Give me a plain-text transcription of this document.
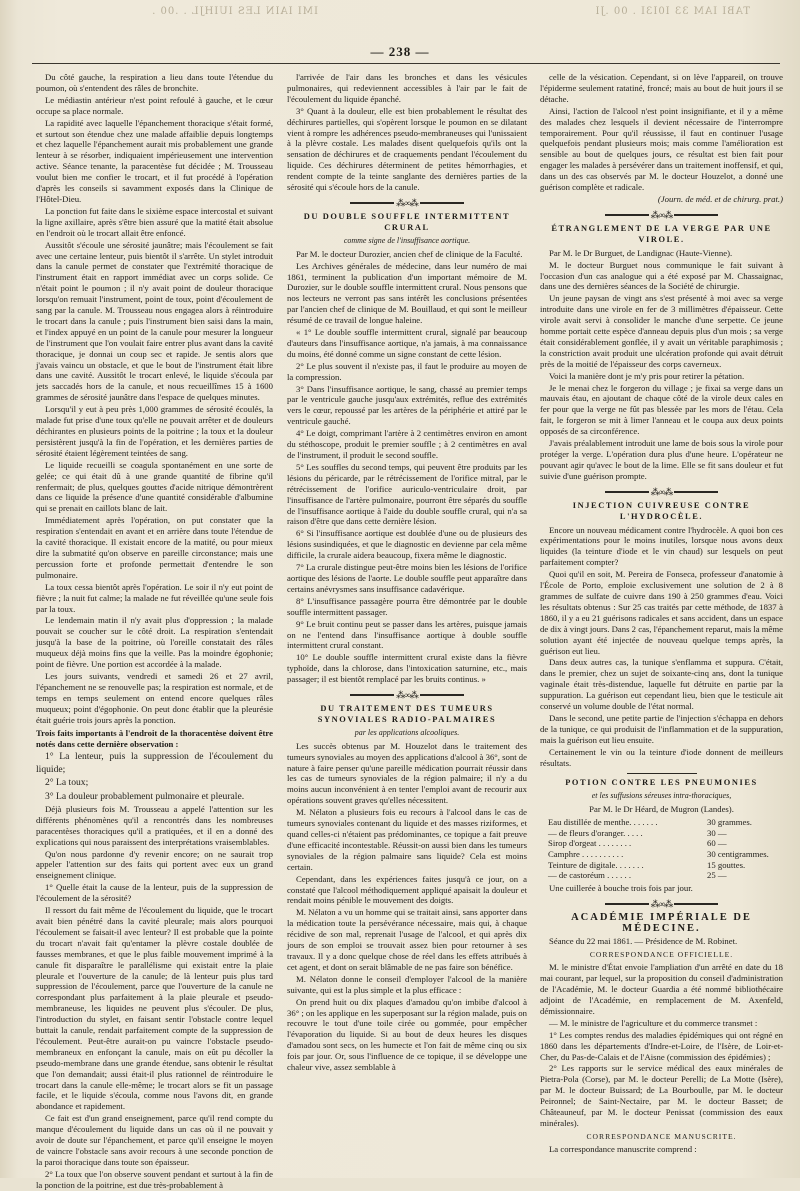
IMI IAIN LES IUIHJL . .00 .	TABI IAM 33 I0I3I . 00 .JI
— 238 —

Du côté gauche, la respiration a lieu dans toute l'étendue du poumon, où s'entendent des râles de bronchite.

Le médiastin antérieur n'est point refoulé à gauche, et le cœur occupe sa place normale.

La rapidité avec laquelle l'épanchement thoracique s'était formé, et surtout son étendue chez une malade affaiblie depuis longtemps et chez laquelle l'épanchement aurait mis probablement une grande lenteur à se résorber, indiquaient impérieusement une intervention active. Séance tenante, la paracentèse fut décidée ; M. Trousseau voulut bien me confier le trocart, et il fut procédé à l'opération d'après les conseils si savamment exposés dans la Clinique de l'Hôtel-Dieu.

La ponction fut faite dans le sixième espace intercostal et suivant la ligne axillaire, après s'être bien assuré que la matité était absolue en l'endroit où le trocart allait être enfoncé.

Aussitôt s'écoule une sérosité jaunâtre; mais l'écoulement se fait avec une certaine lenteur, puis bientôt il s'arrête. Un stylet introduit dans la canule permet de constater que l'extrémité thoracique de l'instrument était en rapport immédiat avec un corps solide. Ce n'était point le poumon ; il n'y avait point de douleur thoracique lorsqu'on remuait l'instrument, point de toux, point d'écoulement de sang par la canule. M. Trousseau nous engagea alors à réintroduire le trocart dans la canule ; puis l'instrument bien saisi dans la main, et l'index appuyé en un point de la canule pour mesurer la longueur de l'instrument que l'on voulait faire entrer plus avant dans la cavité thoracique, je donnai un coup sec et rapide. Je sentis alors que j'avais vaincu un obstacle, et que le bout de l'instrument était libre dans une cavité. Aussitôt le trocart enlevé, le liquide s'écoula par jets saccadés hors de la canule, et nous recueillîmes 15 à 1600 grammes de sérosité jaunâtre dans l'espace de quelques minutes.

Lorsqu'il y eut à peu près 1,000 grammes de sérosité écoulés, la malade fut prise d'une toux qu'elle ne pouvait arrêter et de douleurs déchirantes en plusieurs points de la poitrine ; la toux et la douleur persistèrent jusqu'à la fin de l'opération, et les dernières parties de sérosité étaient légèrement teintées de sang.

Le liquide recueilli se coagula spontanément en une sorte de gelée; ce qui était dû à une grande quantité de fibrine qu'il renfermait; de plus, quelques gouttes d'acide nitrique démontrèrent dans ce liquide la présence d'une quantité considérable d'albumine qui se prenait en caillots blanc de lait.

Immédiatement après l'opération, on put constater que la respiration s'entendait en avant et en arrière dans toute l'étendue de la cavité thoracique. Il existait encore de la matité, ou pour mieux dire la submatité qu'on observe en pareille circonstance; mais une percussion forte et profonde permettait d'entendre le son pulmonaire.

La toux cessa bientôt après l'opération. Le soir il n'y eut point de fièvre ; la nuit fut calme; la malade ne fut réveillée qu'une seule fois par la toux.

Le lendemain matin il n'y avait plus d'oppression ; la malade pouvait se coucher sur le côté droit. La respiration s'entendait jusqu'à la base de la poitrine, où l'oreille constatait des râles muqueux déjà moins fins que la veille. Pas la moindre égophonie; point de fièvre. Une portion est accordée à la malade.

Les jours suivants, vendredi et samedi 26 et 27 avril, l'épanchement ne se renouvelle pas; la respiration est normale, et de temps en temps seulement on entend encore quelques râles muqueux; point d'égophonie. On peut donc établir que la pleurésie était guérie trois jours après la ponction.

Trois faits importants à l'endroit de la thoracentèse doivent être notés dans cette dernière observation :

1° La lenteur, puis la suppression de l'écoulement du liquide;

2° La toux;

3° La douleur probablement pulmonaire et pleurale.

Déjà plusieurs fois M. Trousseau a appelé l'attention sur les différents phénomènes qu'il a rencontrés dans les nombreuses paracentèses thoraciques qu'il a pratiquées, et il en a donné des explications qui nous paraissent des interprétations vraisemblables.

Qu'on nous pardonne d'y revenir encore; on ne saurait trop appeler l'attention sur des faits qui portent avec eux un grand enseignement clinique.

1° Quelle était la cause de la lenteur, puis de la suppression de l'écoulement de la sérosité?

Il ressort du fait même de l'écoulement du liquide, que le trocart avait bien pénétré dans la cavité pleurale; mais alors pourquoi l'écoulement se faisait-il avec lenteur? Il est probable que la pointe du trocart n'avait fait qu'entamer la plèvre costale doublée de fausses membranes, et que le plus faible mouvement imprimé à la canule fit disparaître le parallélisme qui existait entre la plaie pleurale et l'ouverture de la canule; de là lenteur puis plus tard suppression de l'écoulement, parce que l'ouverture de la canule ne correspondant plus parfaitement à la plaie pleurale et pseudo-membraneuse, les liquides ne peuvent plus s'écouler. De plus, l'introduction du stylet, en faisant sentir l'obstacle contre lequel buttait la canule, rendait parfaitement compte de la suppression de l'écoulement. Peut-être aurait-on pu vaincre l'obstacle pseudo-membraneux en enfonçant la canule, mais on eût pu décoller la pseudo-membrane dans une grande étendue, sans obtenir le résultat que l'on demandait; aussi était-il plus rationnel de réintroduire le trocart dans la canule elle-même; le trocart alors se fit un passage facile, et le liquide s'écoula, comme nous l'avons dit, en grande abondance et rapidement.

Ce fait est d'un grand enseignement, parce qu'il rend compte du manque d'écoulement du liquide dans un cas où il ne pouvait y avoir de doute sur l'épanchement, et parce qu'il enseigne le moyen de vaincre l'obstacle sans avoir recours à une seconde ponction de la paroi thoracique dans toute son épaisseur.

2° La toux que l'on observe souvent pendant et surtout à la fin de la ponction de la poitrine, est due très-probablement à

l'arrivée de l'air dans les bronches et dans les vésicules pulmonaires, qui redeviennent accessibles à l'air par le fait de l'écoulement du liquide épanché.

3° Quant à la douleur, elle est bien probablement le résultat des déchirures partielles, qui s'opèrent lorsque le poumon en se dilatant vient à rompre les adhérences pseudo-membraneuses qui l'unissaient à la plèvre costale. Les malades disent quelquefois qu'ils ont la sensation de déchirures et de craquements pendant l'écoulement du liquide. Ces déchirures déterminent de petites hémorrhagies, et rendent compte de la teinte sanglante des dernières parties de la sérosité qui s'écoule hors de la canule.

⁂∞⁂
DU DOUBLE SOUFFLE INTERMITTENT CRURAL
comme signe de l'insuffisance aortique.

Par M. le docteur Durozier, ancien chef de clinique de la Faculté.

Les Archives générales de médecine, dans leur numéro de mai 1861, terminent la publication d'un important mémoire de M. Durozier, sur le double souffle intermittent crural. Nous pensons que nos lecteurs ne verront pas sans intérêt les conclusions présentées par l'ancien chef de clinique de M. Bouillaud, et qui sont le meilleur résumé de ce travail de longue haleine.

« 1° Le double souffle intermittent crural, signalé par beaucoup d'auteurs dans l'insuffisance aortique, n'a jamais, à ma connaissance du moins, été donné comme un signe constant de cette lésion.

2° Le plus souvent il n'existe pas, il faut le produire au moyen de la compression.

3° Dans l'insuffisance aortique, le sang, chassé au premier temps par le ventricule gauche jusqu'aux extrémités, reflue des extrémités vers le cœur, repoussé par les artères de la périphérie et attiré par le ventricule gauché.

4° Le doigt, comprimant l'artère à 2 centimètres environ en amont du stéthoscope, produit le premier souffle ; à 2 centimètres en aval de l'instrument, il produit le second souffle.

5° Les souffles du second temps, qui peuvent être produits par les lésions du péricarde, par le rétrécissement de l'orifice mitral, par le rétrécissement de l'orifice auriculo-ventriculaire droit, par l'insuffisance de l'artère pulmonaire, pourront être séparés du souffle de l'insuffisance aortique à l'aide du double souffle crural, qui n'a sa raison d'être que dans cette dernière lésion.

6° Si l'insuffisance aortique est doublée d'une ou de plusieurs des lésions susindiquées, et que le diagnostic en devienne par cela même difficile, la crurale aidera beaucoup, fixera même le diagnostic.

7° La crurale distingue peut-être moins bien les lésions de l'orifice aortique des lésions de l'aorte. Le double souffle peut apparaître dans certains anévrysmes sans insuffisance cadavérique.

8° L'insuffisance passagère pourra être démontrée par le double souffle intermittent passager.

9° Le bruit continu peut se passer dans les artères, puisque jamais on ne l'entend dans l'insuffisance aortique à double souffle intermittent crural constant.

10° Le double souffle intermittent crural existe dans la fièvre typhoïde, dans la chlorose, dans l'intoxication saturnine, etc., mais passager; il est bientôt remplacé par les bruits continus. »

⁂∞⁂
DU TRAITEMENT DES TUMEURS SYNOVIALES RADIO-PALMAIRES
par les applications alcooliques.

Les succès obtenus par M. Houzelot dans le traitement des tumeurs synoviales au moyen des applications d'alcool à 36°, sont de nature à faire penser qu'une pareille médication pourrait réussir dans les cas de tumeurs synoviales de la région palmaire; il n'y a du moins aucun inconvénient à en tenter l'emploi avant de recourir aux opérations souvent graves qu'elles nécessitent.

M. Nélaton a plusieurs fois eu recours à l'alcool dans le cas de tumeurs synoviales contenant du liquide et des masses riziformes, et quand celles-ci n'étaient pas prédominantes, ce topique a fait preuve d'une efficacité incontestable. Réussit-on aussi bien dans les tumeurs synoviales de la région palmaire sans liquide? Cela est moins certain.

Cependant, dans les expériences faites jusqu'à ce jour, on a constaté que l'alcool méthodiquement appliqué apaisait la douleur et rendait moins pénible le mouvement des doigts.

M. Nélaton a vu un homme qui se traitait ainsi, sans apporter dans la médication toute la persévérance nécessaire, mais qui, à chaque récidive de son mal, reprenait l'usage de l'alcool, et qui après dix jours de son emploi se trouvait assez bien pour retourner à ses travaux. Il y a donc quelque chose de réel dans les effets attribués à cet agent, et dont on serait blâmable de ne pas faire son bénéfice.

M. Nélaton donne le conseil d'employer l'alcool de la manière suivante, qui est la plus simple et la plus efficace :

On prend huit ou dix plaques d'amadou qu'on imbibe d'alcool à 36° ; on les applique en les superposant sur la région malade, puis on recouvre le tout d'une toile cirée ou gommée, pour empêcher l'évaporation du liquide. Si au bout de deux heures les disques d'amadou sont secs, on les humecte et l'on fait de même cinq ou six fois par jour. Or, sous l'influence de ce topique, il se développe une chaleur vive, assez semblable à

celle de la vésication. Cependant, si on lève l'appareil, on trouve l'épiderme seulement ratatiné, froncé; mais au bout de huit jours il se détache.

Ainsi, l'action de l'alcool n'est point insignifiante, et il y a même des malades chez lesquels il devient nécessaire de l'interrompre temporairement. Pour qu'il réussisse, il faut en continuer l'usage quelquefois pendant plusieurs mois; mais comme l'amélioration est sensible au bout de quelques jours, ce résultat est bien fait pour engager les malades à persévérer dans un traitement inoffensif, et qui, dans un des cas observés par M. le docteur Houzelot, a donné une guérison complète et radicale.

(Journ. de méd. et de chirurg. prat.)

⁂∞⁂
ÉTRANGLEMENT DE LA VERGE PAR UNE VIROLE.

Par M. le Dr Burguet, de Landignac (Haute-Vienne).

M. le docteur Burguet nous communique le fait suivant à l'occasion d'un cas analogue qui a été exposé par M. Chassaignac, dans une des dernières séances de la Société de chirurgie.

Un jeune paysan de vingt ans s'est présenté à moi avec sa verge introduite dans une virole en fer de 3 millimètres d'épaisseur. Cette virole avait servi à consolider le manche d'une serpette. Ce jeune homme portait cette espèce d'anneau depuis plus d'un mois ; sa verge était considérablement gonflée, il y avait un véritable paraphimosis ; la constriction avait produit une ulcération profonde qui avait détruit près de la moitié de l'épaisseur des corps caverneux.

Voici la manière dont je m'y pris pour retirer la pétation.

Je le menai chez le forgeron du village ; je fixai sa verge dans un mauvais étau, en ajoutant de chaque côté de la virole deux cales en fer pour que la verge ne fût pas blessée par les mors de l'étau. Cela fait, le forgeron se mit à limer l'anneau et le coupa aux deux points opposés de sa circonférence.

J'avais préalablement introduit une lame de bois sous la virole pour protéger la verge. L'opération dura plus d'une heure. L'opérateur ne pouvant agir qu'avec le bout de la lime. Elle se fit sans douleur et fut suivie d'une guérison prompte.

⁂∞⁂
INJECTION CUIVREUSE CONTRE L'HYDROCÈLE.

Encore un nouveau médicament contre l'hydrocèle. A quoi bon ces expérimentations pour le moins inutiles, lorsque nous avons deux liquides (la teinture d'iode et le vin chaud) sur lesquels on peut parfaitement compter?

Quoi qu'il en soit, M. Pereira de Fonseca, professeur d'anatomie à l'École de Porto, emploie exclusivement une solution de 2 à 8 grammes de sulfate de cuivre dans 190 à 250 grammes d'eau. Voici les résultats obtenus : Sur 25 cas traités par cette méthode, de 1837 à 1860, il y a eu 21 guérisons radicales et sans accident, dans un espace de dix à vingt jours. Dans 2 cas, l'épanchement reparut, mais la même solution ayant été injectée de nouveau quelque temps après, la guérison eut lieu.

Dans deux autres cas, la tunique s'enflamma et suppura. C'était, dans le premier, chez un sujet de soixante-cinq ans, dont la tunique vaginale était très-distendue, laquelle fut détruite en partie par la suppuration. La guérison eut cependant lieu, bien que le testicule ait conservé un volume double de l'état normal.

Dans le second, une petite partie de l'injection s'échappa en dehors de la tunique, ce qui produisit de l'inflammation et de la suppuration, mais la guérison eut lieu ensuite.

Certainement le vin ou la teinture d'iode donnent de meilleurs résultats.

POTION CONTRE LES PNEUMONIES
et les suffusions séreuses intra-thoraciques,

Par M. le Dr Héard, de Mugron (Landes).

Eau distillée de menthe. . . . . . .	30 grammes.
— de fleurs d'oranger. . . . .	30 —
Sirop d'orgeat . . . . . . . .	60 —
Camphre . . . . . . . . . .	30 centigrammes.
Teinture de digitale. . . . . . .	15 gouttes.
— de castoréum . . . . . .	25 —

Une cuillerée à bouche trois fois par jour.

⁂∞⁂
ACADÉMIE IMPÉRIALE DE MÉDECINE.

Séance du 22 mai 1861. — Présidence de M. Robinet.

CORRESPONDANCE OFFICIELLE.

M. le ministre d'État envoie l'ampliation d'un arrêté en date du 18 mai courant, par lequel, sur la proposition du conseil d'administration de l'Académie, M. le docteur Guardia a été nommé bibliothécaire adjoint de l'Académie, en remplacement de M. Axenfeld, démissionnaire.

— M. le ministre de l'agriculture et du commerce transmet :

1° Les comptes rendus des maladies épidémiques qui ont régné en 1860 dans les départements d'Indre-et-Loire, de l'Isère, de Loir-et-Cher, du Pas-de-Calais et de l'Aisne (commission des épidémies) ;

2° Les rapports sur le service médical des eaux minérales de Pietra-Pola (Corse), par M. le docteur Perelli; de La Motte (Isère), par M. le docteur Buissard; de La Bourboulle, par M. le docteur Peironnel; de Saint-Nectaire, par M. le docteur Basset; de Châteauneuf, par M. le docteur Penissat (commission des eaux minérales).

CORRESPONDANCE MANUSCRITE.

La correspondance manuscrite comprend :
